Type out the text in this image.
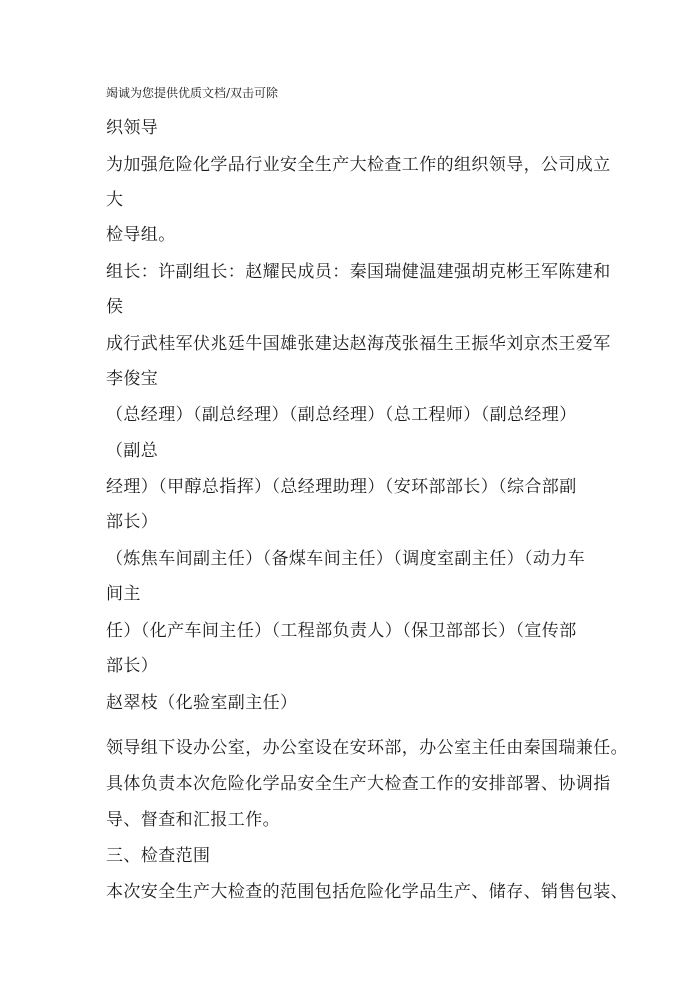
竭诚为您提供优质文档/双击可除
织领导
为加强危险化学品行业安全生产大检查工作的组织领导，公司成立
大
检导组。
组长：许副组长：赵耀民成员：秦国瑞健温建强胡克彬王军陈建和
侯
成行武桂军伏兆廷牛国雄张建达赵海茂张福生王振华刘京杰王爱军
李俊宝
（总经理）（副总经理）（副总经理）（总工程师）（副总经理）
（副总
经理）（甲醇总指挥）（总经理助理）（安环部部长）（综合部副
部长）
（炼焦车间副主任）（备煤车间主任）（调度室副主任）（动力车
间主
任）（化产车间主任）（工程部负责人）（保卫部部长）（宣传部
部长）
赵翠枝（化验室副主任）
领导组下设办公室，办公室设在安环部，办公室主任由秦国瑞兼任。
具体负责本次危险化学品安全生产大检查工作的安排部署、协调指
导、督查和汇报工作。
三、检查范围
本次安全生产大检查的范围包括危险化学品生产、储存、销售包装、
